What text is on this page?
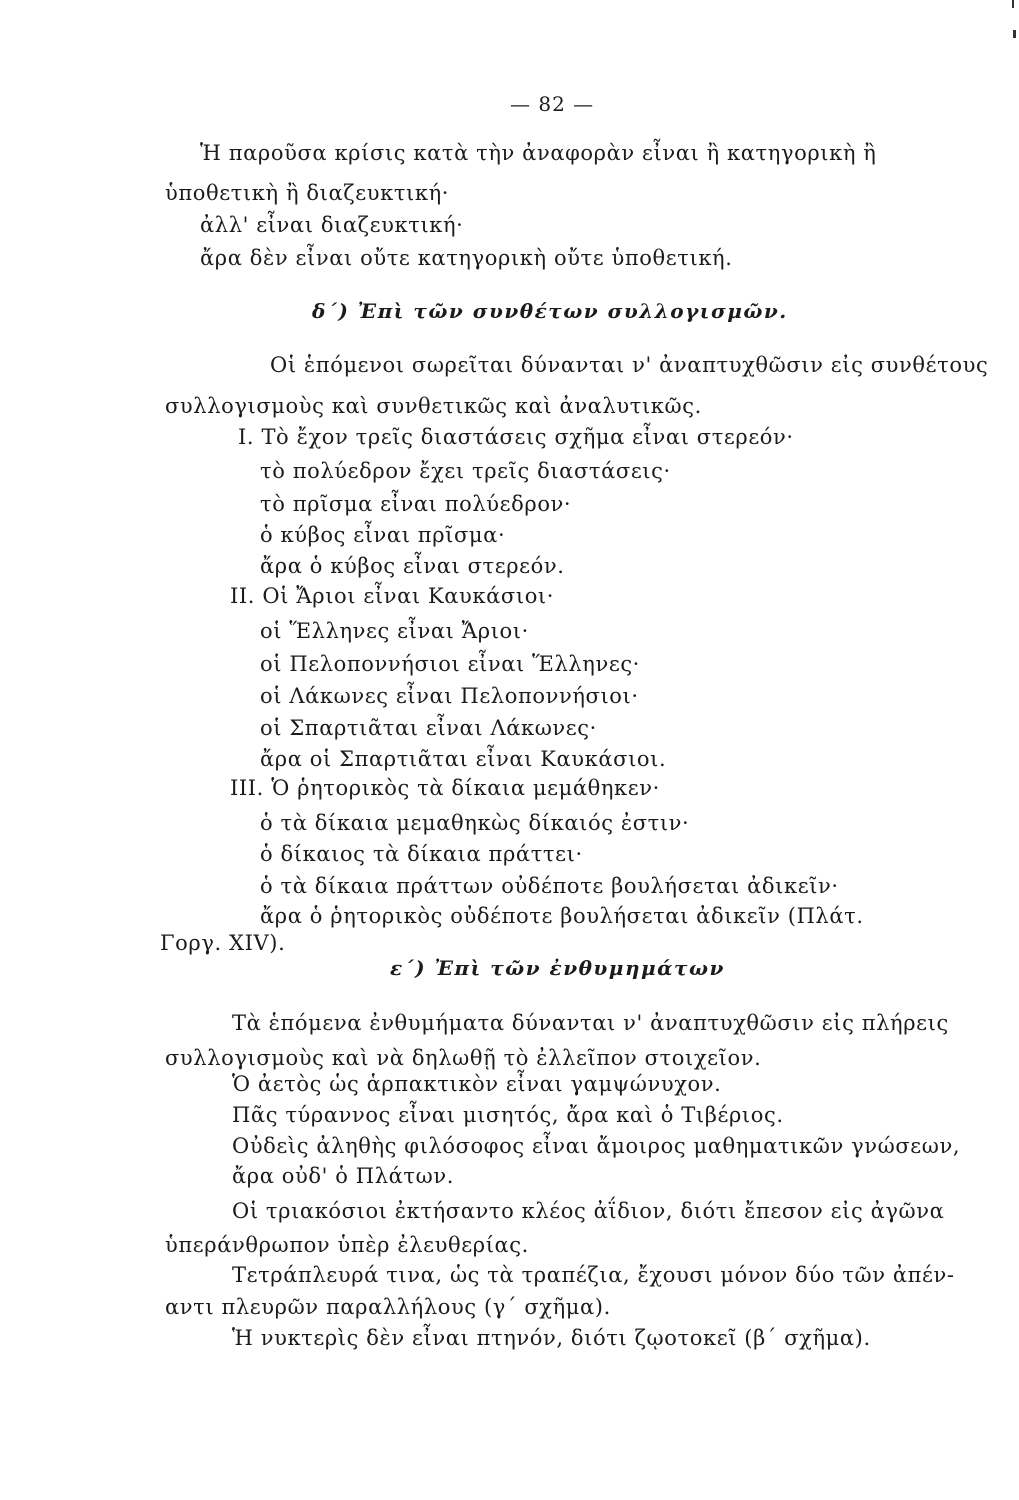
— 82 —
Ἡ παροῦσα κρίσις κατὰ τὴν ἀναφορὰν εἶναι ἢ κατηγορικὴ ἢ
ὑποθετικὴ ἢ διαζευκτική·
ἀλλ' εἶναι διαζευκτική·
ἄρα δὲν εἶναι οὔτε κατηγορικὴ οὔτε ὑποθετική.
δ΄) Ἐπὶ τῶν συνθέτων συλλογισμῶν.
Οἱ ἑπόμενοι σωρεῖται δύνανται ν' ἀναπτυχθῶσιν εἰς συνθέτους
συλλογισμοὺς καὶ συνθετικῶς καὶ ἀναλυτικῶς.
I. Τὸ ἔχον τρεῖς διαστάσεις σχῆμα εἶναι στερεόν·
τὸ πολύεδρον ἔχει τρεῖς διαστάσεις·
τὸ πρῖσμα εἶναι πολύεδρον·
ὁ κύβος εἶναι πρῖσμα·
ἄρα ὁ κύβος εἶναι στερεόν.
II. Οἱ Ἄριοι εἶναι Καυκάσιοι·
οἱ Ἕλληνες εἶναι Ἄριοι·
οἱ Πελοποννήσιοι εἶναι Ἕλληνες·
οἱ Λάκωνες εἶναι Πελοποννήσιοι·
οἱ Σπαρτιᾶται εἶναι Λάκωνες·
ἄρα οἱ Σπαρτιᾶται εἶναι Καυκάσιοι.
III. Ὁ ῥητορικὸς τὰ δίκαια μεμάθηκεν·
ὁ τὰ δίκαια μεμαθηκὼς δίκαιός ἐστιν·
ὁ δίκαιος τὰ δίκαια πράττει·
ὁ τὰ δίκαια πράττων οὐδέποτε βουλήσεται ἀδικεῖν·
ἄρα ὁ ῥητορικὸς οὐδέποτε βουλήσεται ἀδικεῖν (Πλάτ.
Γοργ. XIV).
ε΄) Ἐπὶ τῶν ἐνθυμημάτων
Τὰ ἑπόμενα ἐνθυμήματα δύνανται ν' ἀναπτυχθῶσιν εἰς πλήρεις
συλλογισμοὺς καὶ νὰ δηλωθῇ τὸ ἐλλεῖπον στοιχεῖον.
Ὁ ἀετὸς ὡς ἁρπακτικὸν εἶναι γαμψώνυχον.
Πᾶς τύραννος εἶναι μισητός, ἄρα καὶ ὁ Τιβέριος.
Οὐδεὶς ἀληθὴς φιλόσοφος εἶναι ἄμοιρος μαθηματικῶν γνώσεων,
ἄρα οὐδ' ὁ Πλάτων.
Οἱ τριακόσιοι ἐκτήσαντο κλέος ἀΐδιον, διότι ἔπεσον εἰς ἀγῶνα
ὑπεράνθρωπον ὑπὲρ ἐλευθερίας.
Τετράπλευρά τινα, ὡς τὰ τραπέζια, ἔχουσι μόνον δύο τῶν ἀπέν-
αντι πλευρῶν παραλλήλους (γ΄ σχῆμα).
Ἡ νυκτερὶς δὲν εἶναι πτηνόν, διότι ζῳοτοκεῖ (β΄ σχῆμα).
